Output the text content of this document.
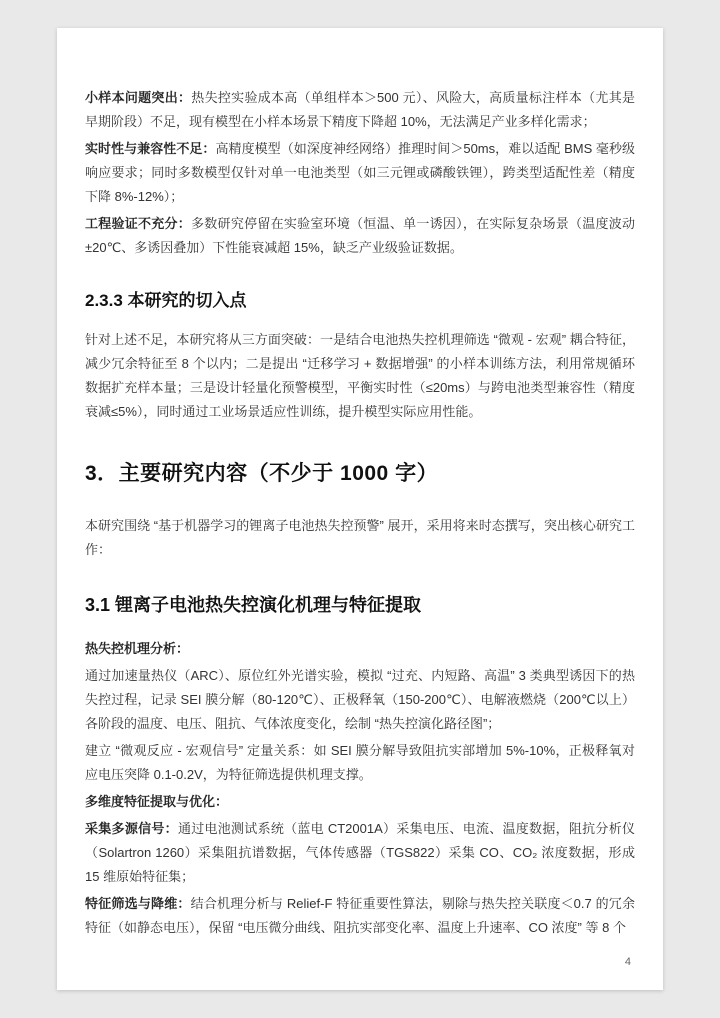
小样本问题突出：热失控实验成本高（单组样本＞500 元）、风险大，高质量标注样本（尤其是早期阶段）不足，现有模型在小样本场景下精度下降超 10%，无法满足产业多样化需求；

实时性与兼容性不足：高精度模型（如深度神经网络）推理时间＞50ms，难以适配 BMS 毫秒级响应要求；同时多数模型仅针对单一电池类型（如三元锂或磷酸铁锂），跨类型适配性差（精度下降 8%-12%）；

工程验证不充分：多数研究停留在实验室环境（恒温、单一诱因），在实际复杂场景（温度波动±20℃、多诱因叠加）下性能衰减超 15%，缺乏产业级验证数据。

2.3.3 本研究的切入点

针对上述不足，本研究将从三方面突破：一是结合电池热失控机理筛选 “微观 - 宏观” 耦合特征，减少冗余特征至 8 个以内；二是提出 “迁移学习 + 数据增强” 的小样本训练方法，利用常规循环数据扩充样本量；三是设计轻量化预警模型，平衡实时性（≤20ms）与跨电池类型兼容性（精度衰减≤5%），同时通过工业场景适应性训练，提升模型实际应用性能。

3．主要研究内容（不少于 1000 字）

本研究围绕 “基于机器学习的锂离子电池热失控预警” 展开，采用将来时态撰写，突出核心研究工作：

3.1 锂离子电池热失控演化机理与特征提取

热失控机理分析：

通过加速量热仪（ARC）、原位红外光谱实验，模拟 “过充、内短路、高温” 3 类典型诱因下的热失控过程，记录 SEI 膜分解（80-120℃）、正极释氧（150-200℃）、电解液燃烧（200℃以上）各阶段的温度、电压、阻抗、气体浓度变化，绘制 “热失控演化路径图”；

建立 “微观反应 - 宏观信号” 定量关系：如 SEI 膜分解导致阻抗实部增加 5%-10%，正极释氧对应电压突降 0.1-0.2V，为特征筛选提供机理支撑。

多维度特征提取与优化：

采集多源信号：通过电池测试系统（蓝电 CT2001A）采集电压、电流、温度数据，阻抗分析仪（Solartron 1260）采集阻抗谱数据，气体传感器（TGS822）采集 CO、CO₂ 浓度数据，形成 15 维原始特征集；

特征筛选与降维：结合机理分析与 Relief-F 特征重要性算法，剔除与热失控关联度＜0.7 的冗余特征（如静态电压），保留 “电压微分曲线、阻抗实部变化率、温度上升速率、CO 浓度” 等 8 个

4
